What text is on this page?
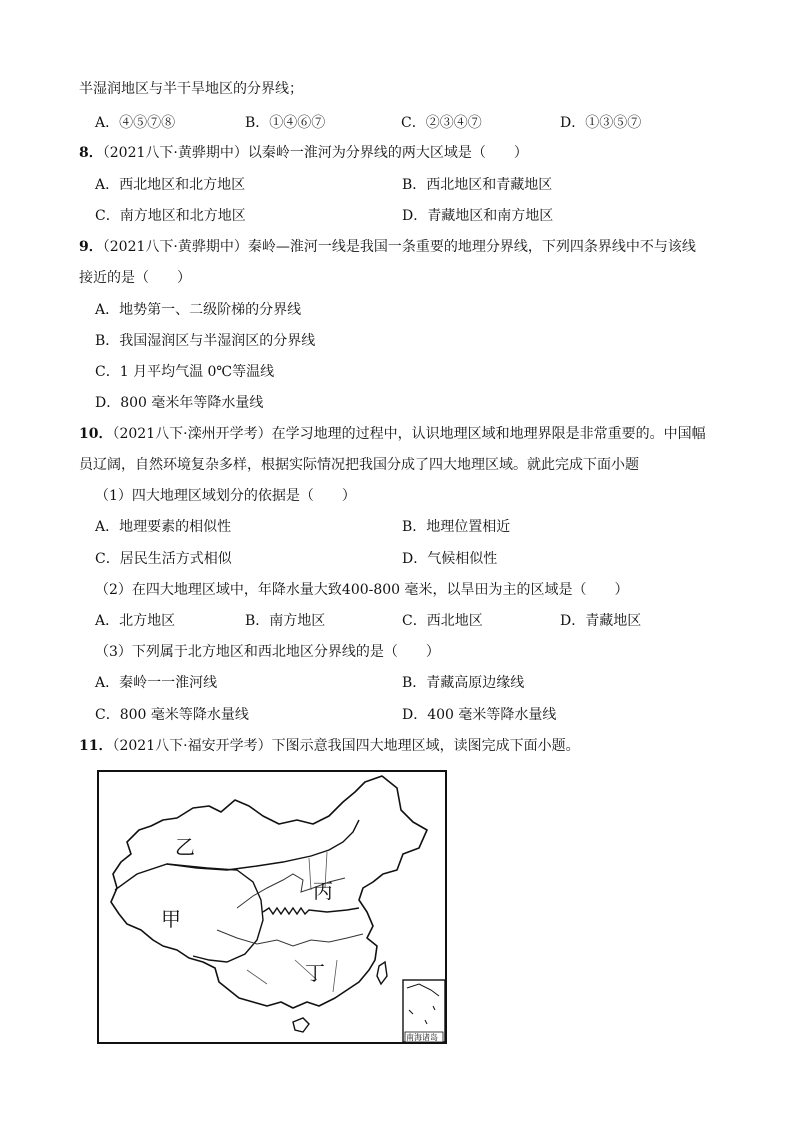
半湿润地区与半干旱地区的分界线；
A．④⑤⑦⑧	B．①④⑥⑦	C．②③④⑦	D．①③⑤⑦
8．（2021八下·黄骅期中）以秦岭一淮河为分界线的两大区域是（　　）
A．西北地区和北方地区	B．西北地区和青藏地区
C．南方地区和北方地区	D．青藏地区和南方地区
9．（2021八下·黄骅期中）秦岭—淮河一线是我国一条重要的地理分界线，下列四条界线中不与该线
接近的是（　　）
A．地势第一、二级阶梯的分界线
B．我国湿润区与半湿润区的分界线
C．1 月平均气温 0℃等温线
D．800 毫米年等降水量线
10．（2021八下·滦州开学考）在学习地理的过程中，认识地理区域和地理界限是非常重要的。中国幅
员辽阔，自然环境复杂多样，根据实际情况把我国分成了四大地理区域。就此完成下面小题
（1）四大地理区域划分的依据是（　　）
A．地理要素的相似性	B．地理位置相近
C．居民生活方式相似	D．气候相似性
（2）在四大地理区域中，年降水量大致400-800 毫米，以旱田为主的区域是（　　）
A．北方地区	B．南方地区	C．西北地区	D．青藏地区
（3）下列属于北方地区和西北地区分界线的是（　　）
A．秦岭一一淮河线	B．青藏高原边缘线
C．800 毫米等降水量线	D．400 毫米等降水量线
11．（2021八下·福安开学考）下图示意我国四大地理区域，读图完成下面小题。
乙
甲
丙
丁
南海诸岛
